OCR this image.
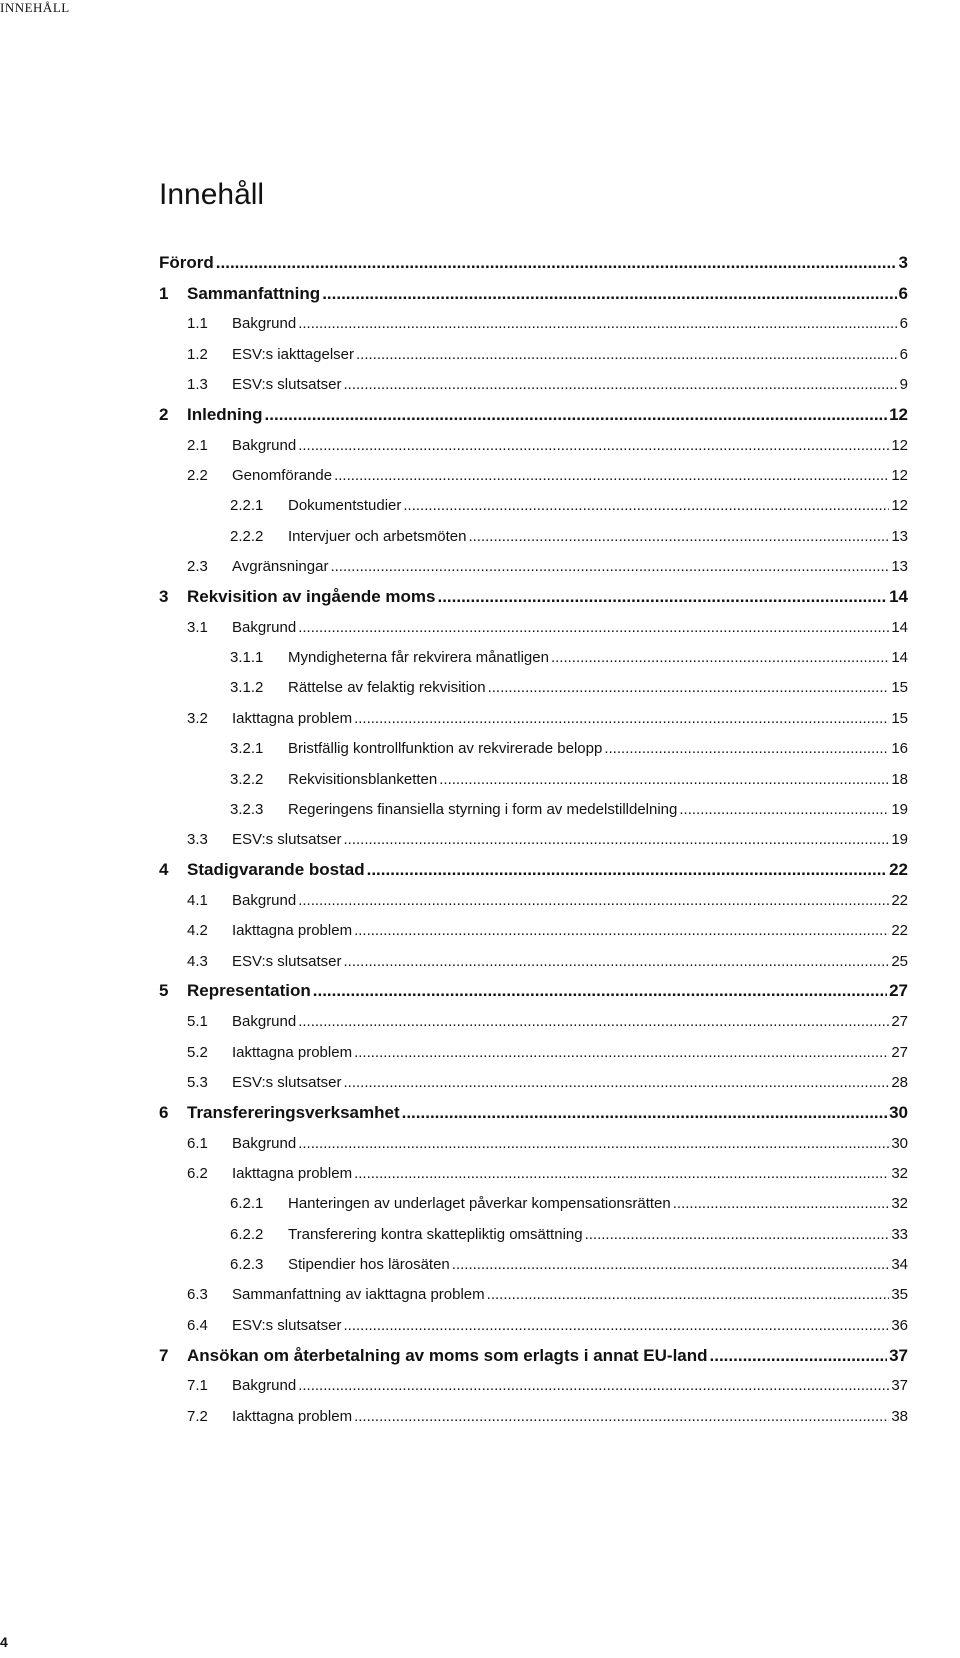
INNEHÅLL
Innehåll
Förord .....	3
1 Sammanfattning .....	6
1.1 Bakgrund .....	6
1.2 ESV:s iakttagelser .....	6
1.3 ESV:s slutsatser .....	9
2 Inledning .....	12
2.1 Bakgrund .....	12
2.2 Genomförande .....	12
2.2.1 Dokumentstudier .....	12
2.2.2 Intervjuer och arbetsmöten .....	13
2.3 Avgränsningar .....	13
3 Rekvisition av ingående moms .....	14
3.1 Bakgrund .....	14
3.1.1 Myndigheterna får rekvirera månatligen .....	14
3.1.2 Rättelse av felaktig rekvisition .....	15
3.2 Iakttagna problem .....	15
3.2.1 Bristfällig kontrollfunktion av rekvirerade belopp .....	16
3.2.2 Rekvisitionsblanketten .....	18
3.2.3 Regeringens finansiella styrning i form av medelstilldelning .....	19
3.3 ESV:s slutsatser .....	19
4 Stadigvarande bostad .....	22
4.1 Bakgrund .....	22
4.2 Iakttagna problem .....	22
4.3 ESV:s slutsatser .....	25
5 Representation .....	27
5.1 Bakgrund .....	27
5.2 Iakttagna problem .....	27
5.3 ESV:s slutsatser .....	28
6 Transfereringsverksamhet .....	30
6.1 Bakgrund .....	30
6.2 Iakttagna problem .....	32
6.2.1 Hanteringen av underlaget påverkar kompensationsrätten .....	32
6.2.2 Transferering kontra skattepliktig omsättning .....	33
6.2.3 Stipendier hos lärosäten .....	34
6.3 Sammanfattning av iakttagna problem .....	35
6.4 ESV:s slutsatser .....	36
7 Ansökan om återbetalning av moms som erlagts i annat EU-land .....	37
7.1 Bakgrund .....	37
7.2 Iakttagna problem .....	38
4
